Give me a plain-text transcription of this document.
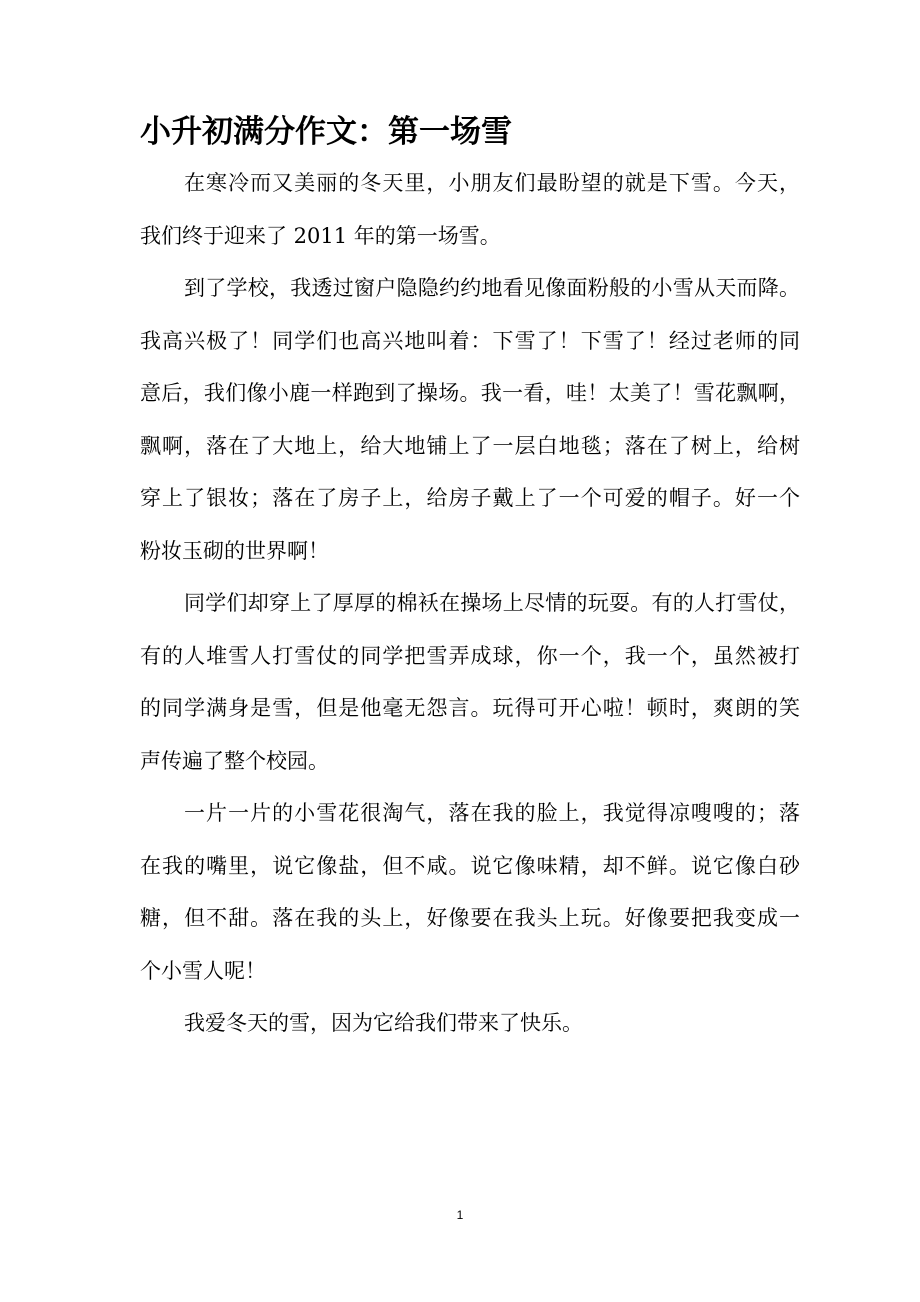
小升初满分作文：第一场雪
在寒冷而又美丽的冬天里，小朋友们最盼望的就是下雪。今天，
我们终于迎来了 2011 年的第一场雪。
到了学校，我透过窗户隐隐约约地看见像面粉般的小雪从天而降。
我高兴极了！同学们也高兴地叫着：下雪了！下雪了！经过老师的同
意后，我们像小鹿一样跑到了操场。我一看，哇！太美了！雪花飘啊，
飘啊，落在了大地上，给大地铺上了一层白地毯；落在了树上，给树
穿上了银妆；落在了房子上，给房子戴上了一个可爱的帽子。好一个
粉妆玉砌的世界啊！
同学们却穿上了厚厚的棉袄在操场上尽情的玩耍。有的人打雪仗，
有的人堆雪人打雪仗的同学把雪弄成球，你一个，我一个，虽然被打
的同学满身是雪，但是他毫无怨言。玩得可开心啦！顿时，爽朗的笑
声传遍了整个校园。
一片一片的小雪花很淘气，落在我的脸上，我觉得凉嗖嗖的；落
在我的嘴里，说它像盐，但不咸。说它像味精，却不鲜。说它像白砂
糖，但不甜。落在我的头上，好像要在我头上玩。好像要把我变成一
个小雪人呢！
我爱冬天的雪，因为它给我们带来了快乐。
1
